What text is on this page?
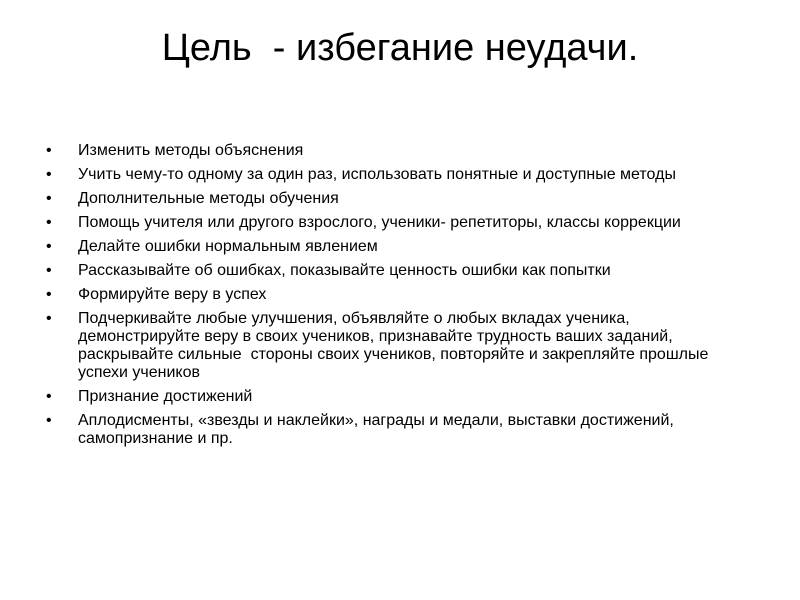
Цель  - избегание неудачи.
• Изменить методы объяснения
• Учить чему-то одному за один раз, использовать понятные и доступные методы
• Дополнительные методы обучения
• Помощь учителя или другого взрослого, ученики- репетиторы, классы коррекции
• Делайте ошибки нормальным явлением
• Рассказывайте об ошибках, показывайте ценность ошибки как попытки
• Формируйте веру в успех
• Подчеркивайте любые улучшения, объявляйте о любых вкладах ученика, демонстрируйте веру в своих учеников, признавайте трудность ваших заданий, раскрывайте сильные  стороны своих учеников, повторяйте и закрепляйте прошлые успехи учеников
• Признание достижений
• Аплодисменты, «звезды и наклейки», награды и медали, выставки достижений, самопризнание и пр.
